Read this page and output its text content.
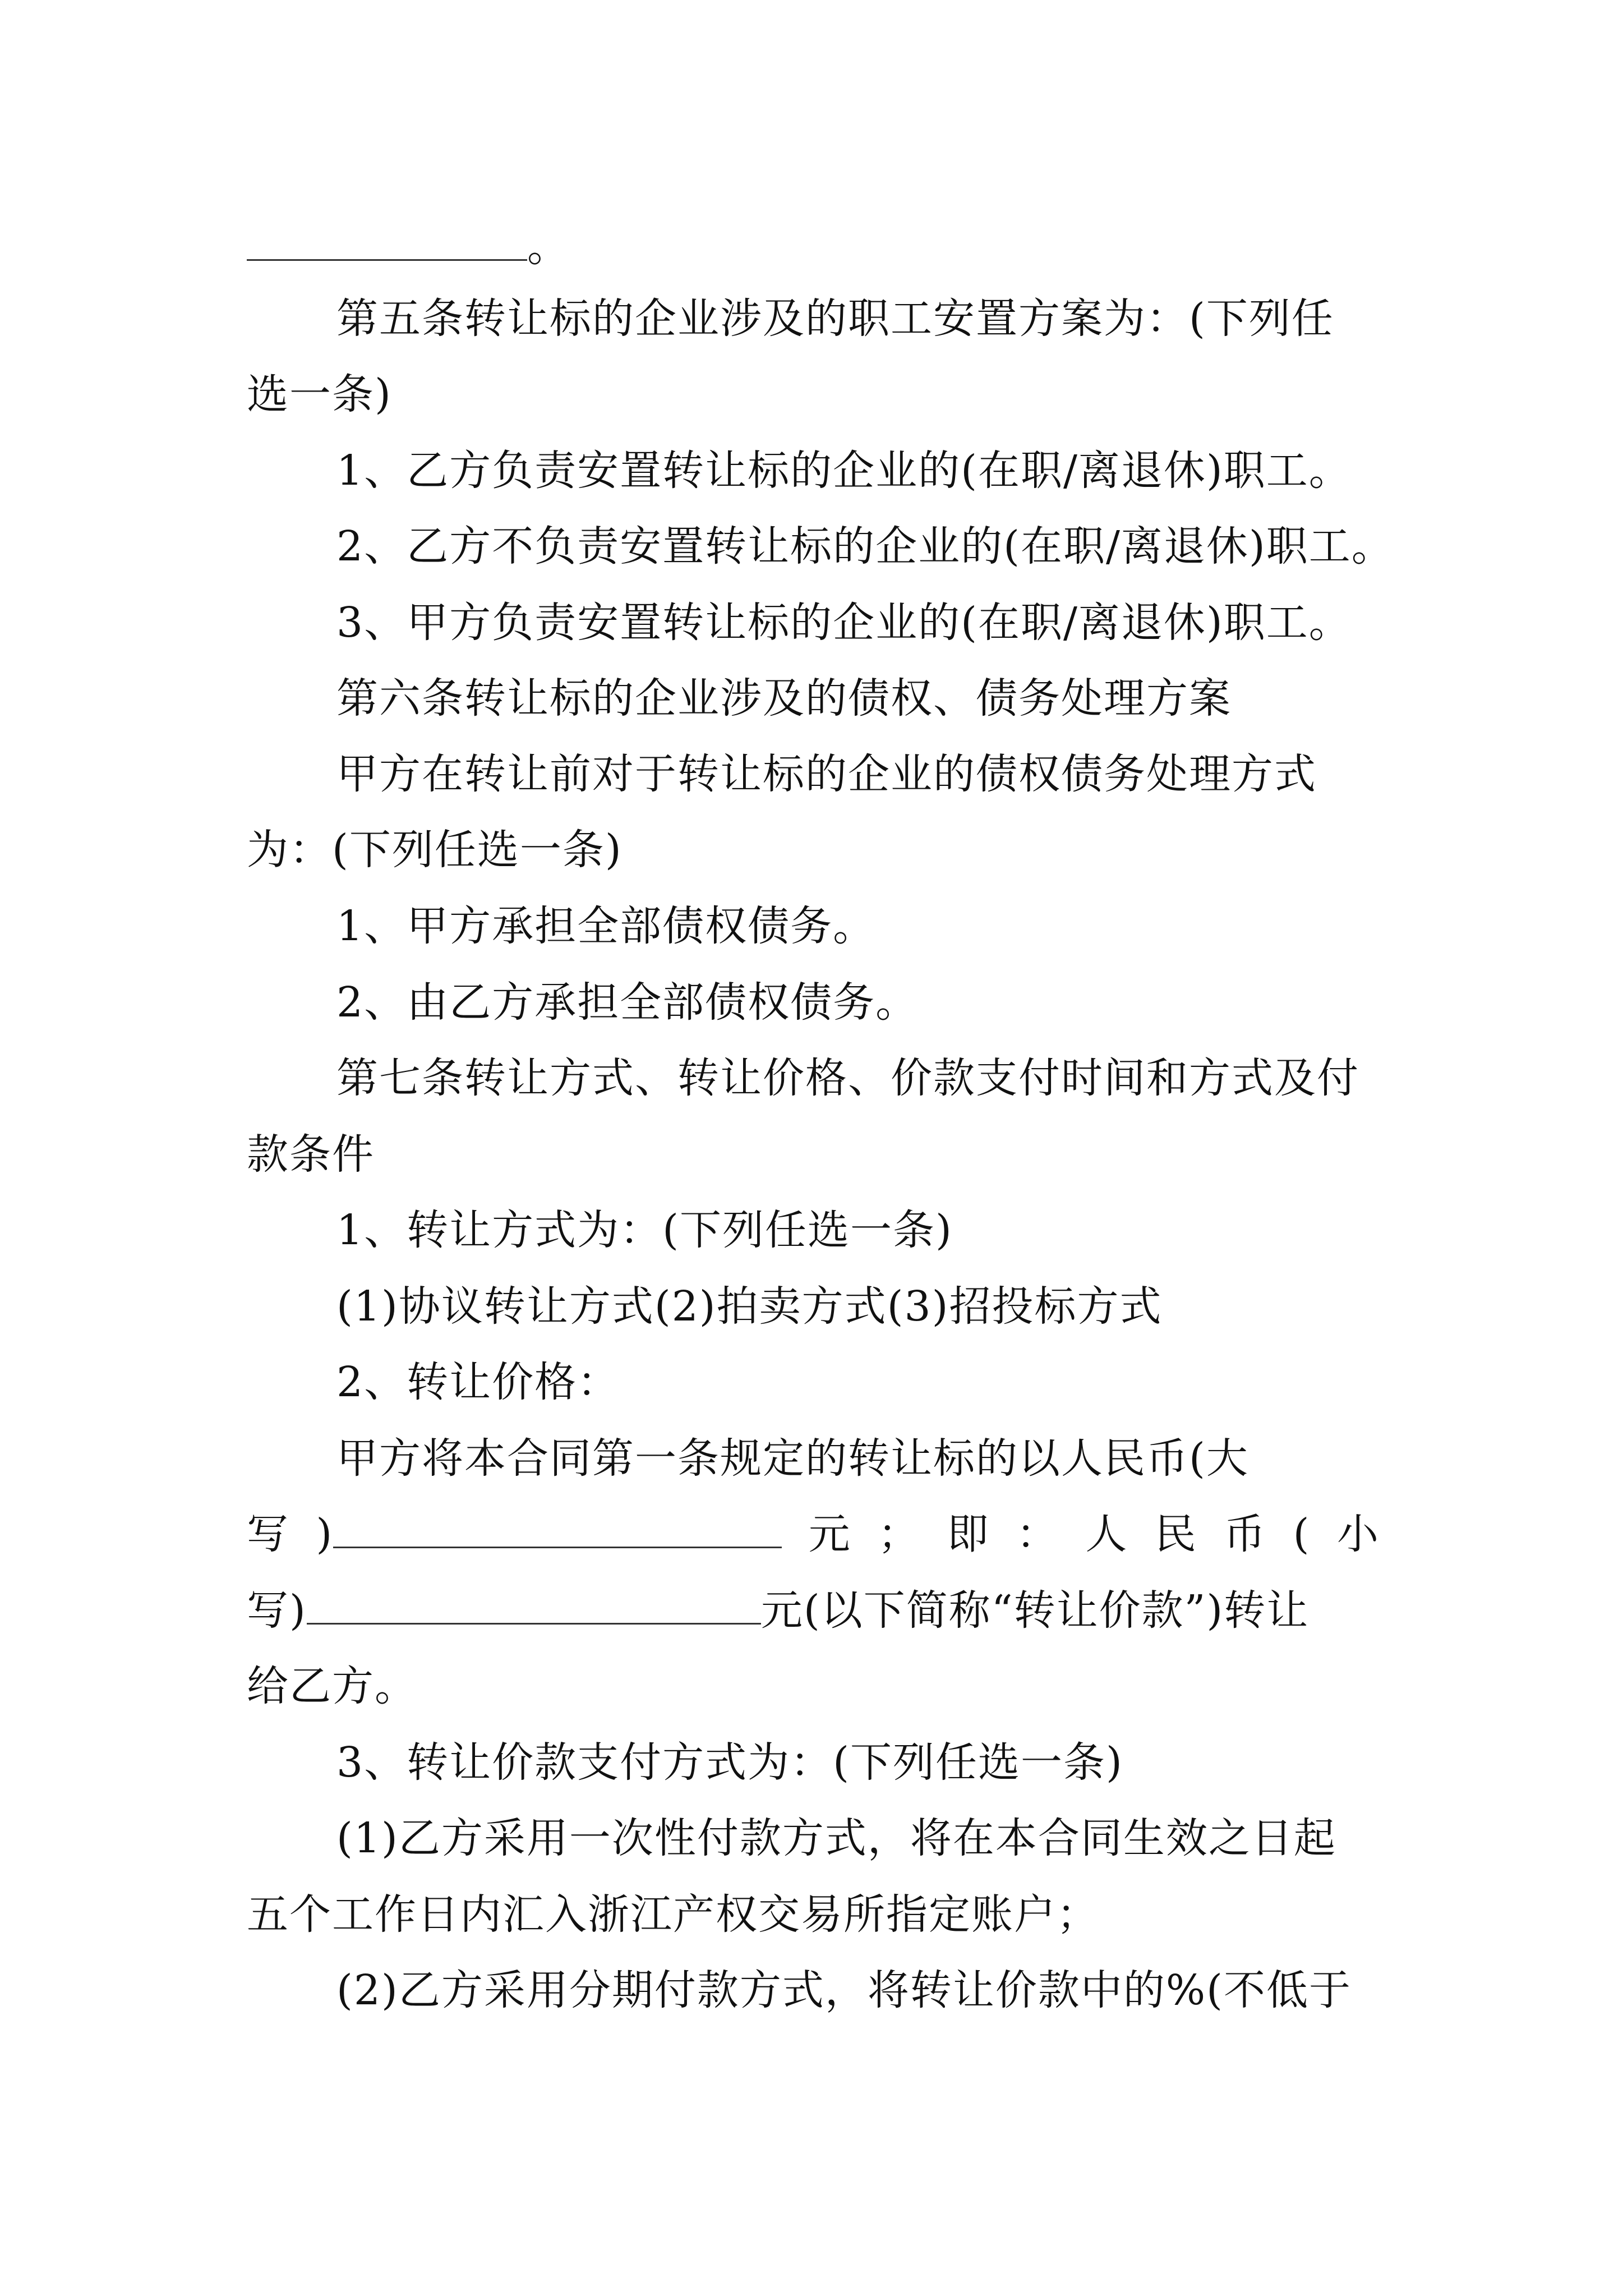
。
第五条转让标的企业涉及的职工安置方案为：(下列任
选一条)
1、乙方负责安置转让标的企业的(在职/离退休)职工。
2、乙方不负责安置转让标的企业的(在职/离退休)职工。
3、甲方负责安置转让标的企业的(在职/离退休)职工。
第六条转让标的企业涉及的债权、债务处理方案
甲方在转让前对于转让标的企业的债权债务处理方式
为：(下列任选一条)
1、甲方承担全部债权债务。
2、由乙方承担全部债权债务。
第七条转让方式、转让价格、价款支付时间和方式及付
款条件
1、转让方式为：(下列任选一条)
(1)协议转让方式(2)拍卖方式(3)招投标方式
2、转让价格：
甲方将本合同第一条规定的转让标的以人民币(大
写 )	元 ； 即 ： 人 民 币 ( 小
写)	元(以下简称“转让价款”)转让
给乙方。
3、转让价款支付方式为：(下列任选一条)
(1)乙方采用一次性付款方式，将在本合同生效之日起
五个工作日内汇入浙江产权交易所指定账户；
(2)乙方采用分期付款方式，将转让价款中的%(不低于
